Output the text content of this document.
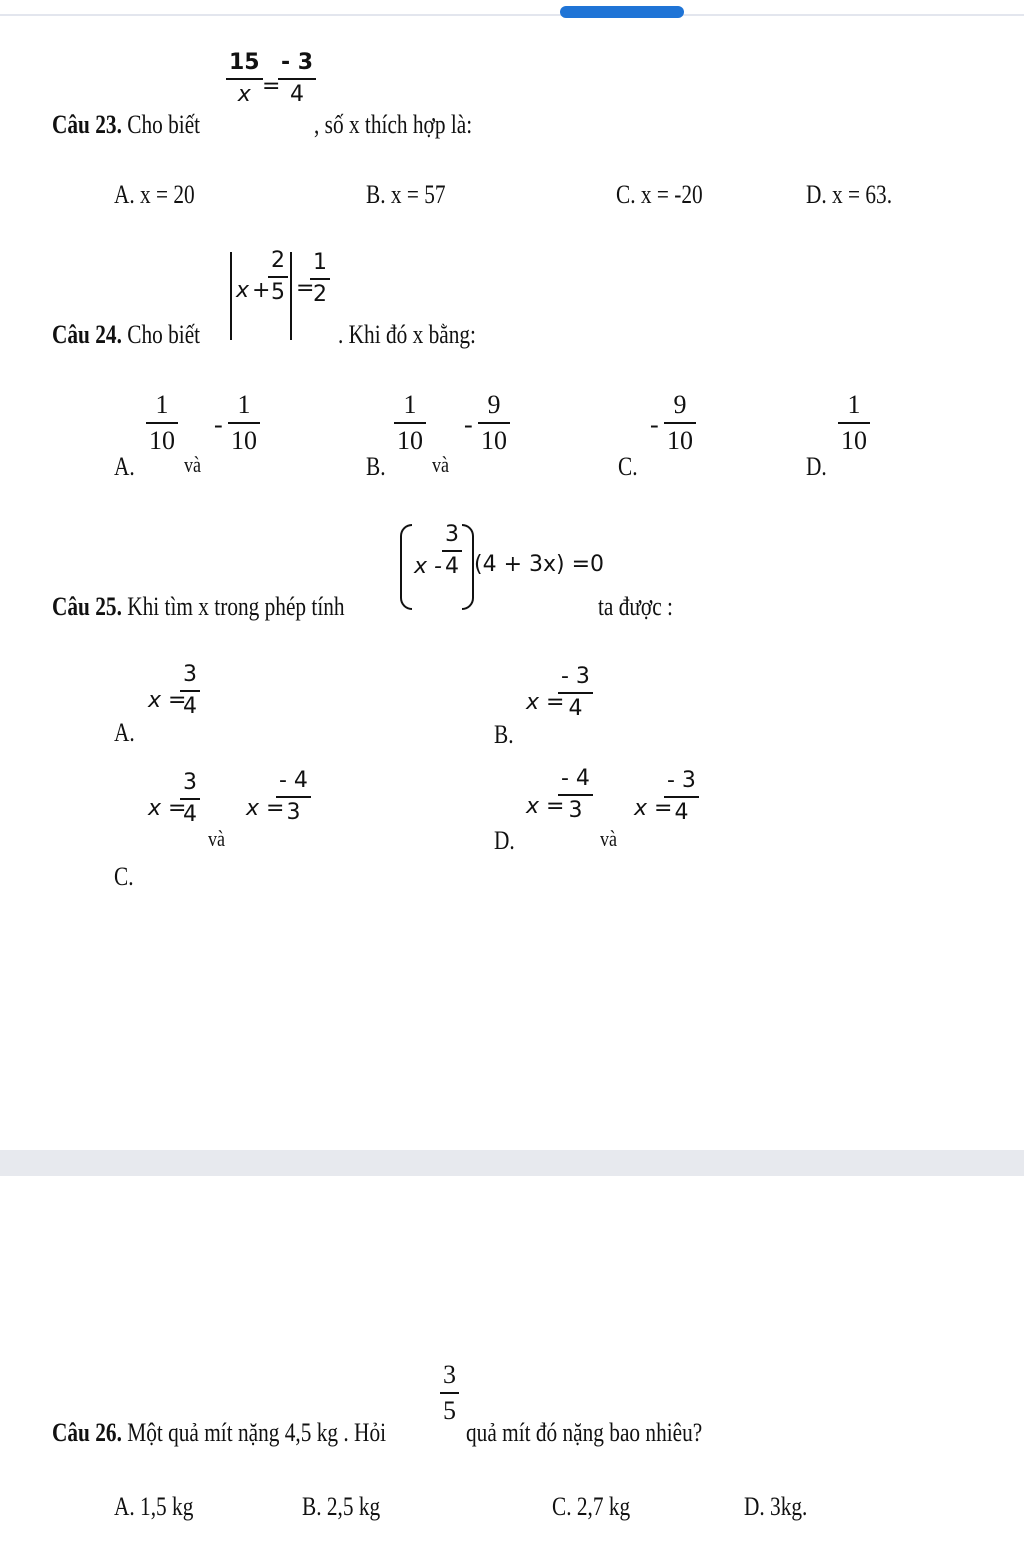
Câu 23. Cho biết
15
x =
- 3
4
, số x thích hợp là:
A. x = 20	B. x = 57	C. x = -20	D. x = 63.
Câu 24. Cho biết
x +
2
5 =
1
2
. Khi đó x bằng:
A.
1
10
và
-
1
10
B.
1
10
và
-
9
10
C.
-
9
10
D.
1
10
Câu 25. Khi tìm x trong phép tính
x -
3
4 (4 + 3x) =0
ta được :
A.
x =
3
4
B.
x =
- 3
4
x =
3
4
và
x =
- 4
3
C.
D.
x =
- 4
3
và
x =
- 3
4
Câu 26. Một quả mít nặng 4,5 kg . Hỏi
3
5
quả mít đó nặng bao nhiêu?
A. 1,5 kg	B. 2,5 kg	C. 2,7 kg	D. 3kg.
